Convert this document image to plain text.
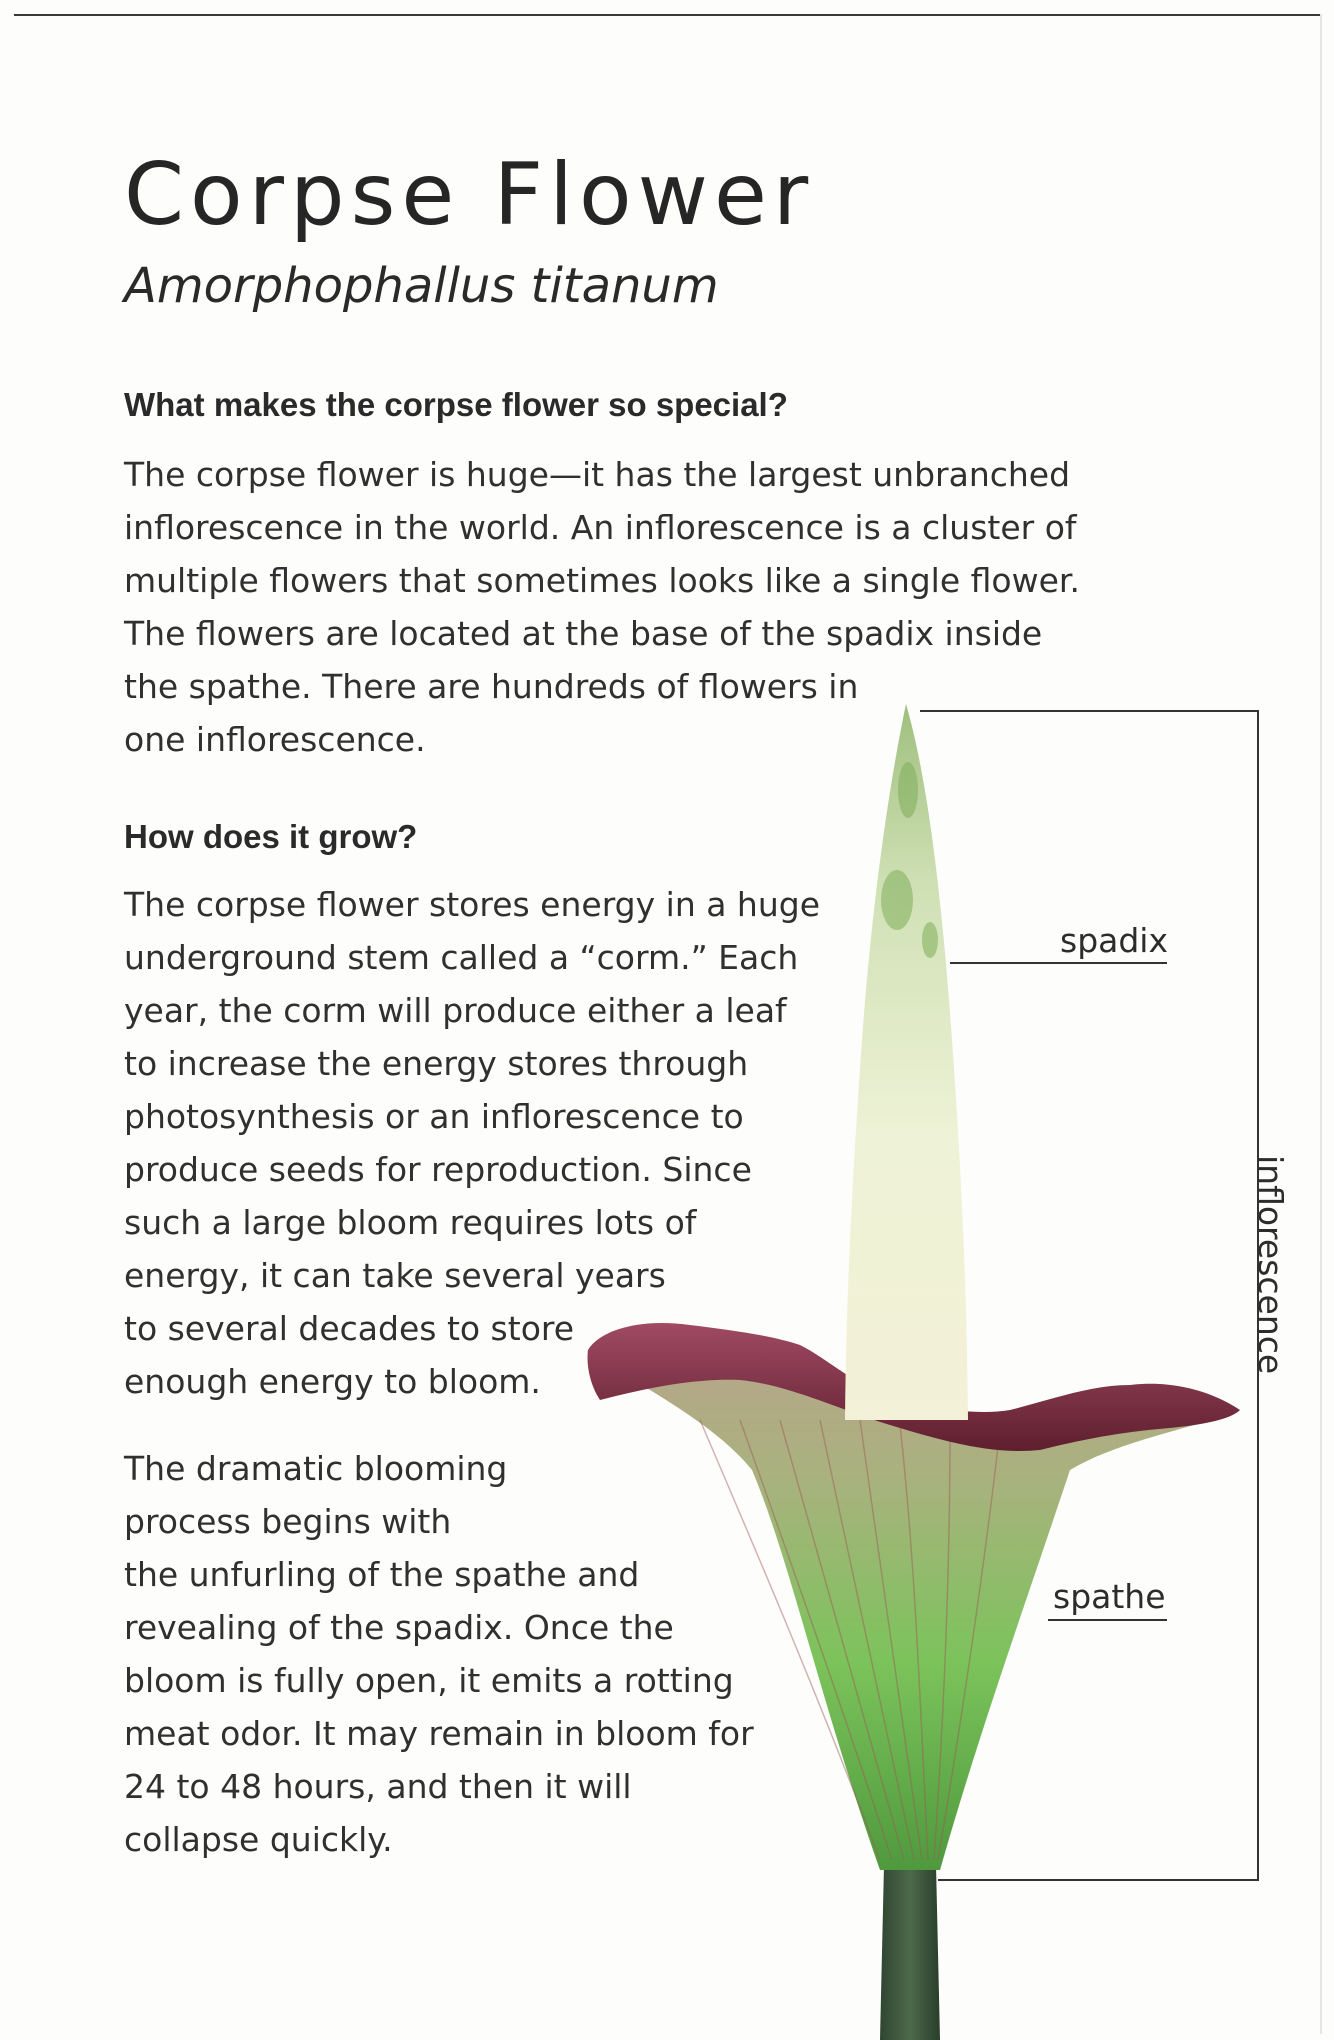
Corpse Flower
Amorphophallus titanum
What makes the corpse flower so special?

The corpse flower is huge—it has the largest unbranched
inflorescence in the world. An inflorescence is a cluster of
multiple flowers that sometimes looks like a single flower.
The flowers are located at the base of the spadix inside
the spathe. There are hundreds of flowers in
one inflorescence.

How does it grow?

The corpse flower stores energy in a huge
underground stem called a “corm.” Each
year, the corm will produce either a leaf
to increase the energy stores through
photosynthesis or an inflorescence to
produce seeds for reproduction. Since
such a large bloom requires lots of
energy, it can take several years
to several decades to store
enough energy to bloom.

The dramatic blooming
process begins with
the unfurling of the spathe and
revealing of the spadix. Once the
bloom is fully open, it emits a rotting
meat odor. It may remain in bloom for
24 to 48 hours, and then it will
collapse quickly.

spadix
spathe
inflorescence
